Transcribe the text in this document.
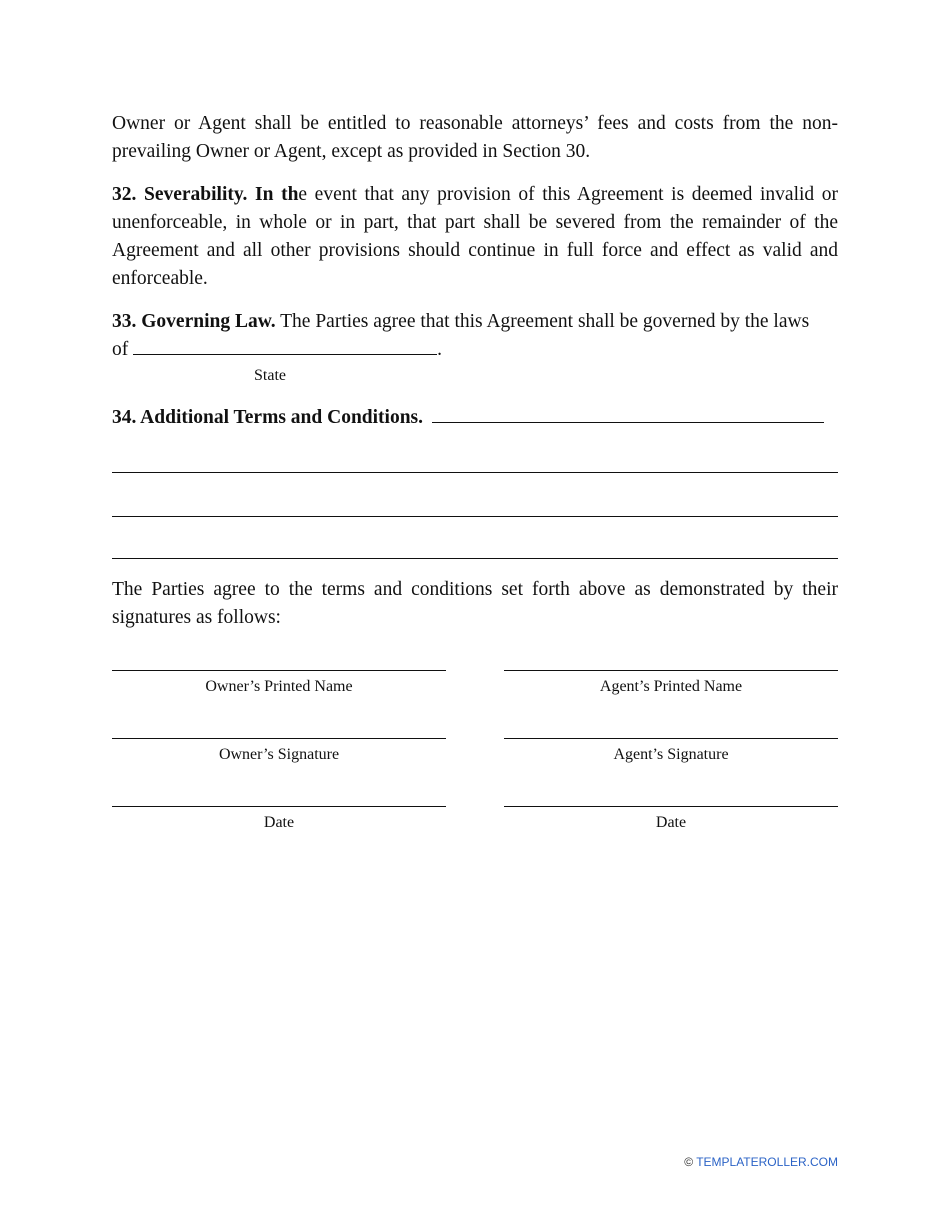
Owner or Agent shall be entitled to reasonable attorneys’ fees and costs from the non-prevailing Owner or Agent, except as provided in Section 30.

32. Severability. In the event that any provision of this Agreement is deemed invalid or unenforceable, in whole or in part, that part shall be severed from the remainder of the Agreement and all other provisions should continue in full force and effect as valid and enforceable.

33. Governing Law. The Parties agree that this Agreement shall be governed by the laws

of	.
State
34. Additional Terms and Conditions.

The Parties agree to the terms and conditions set forth above as demonstrated by their signatures as follows:

Owner’s Printed Name	Agent’s Printed Name
Owner’s Signature	Agent’s Signature
Date	Date
© TEMPLATEROLLER.COM
